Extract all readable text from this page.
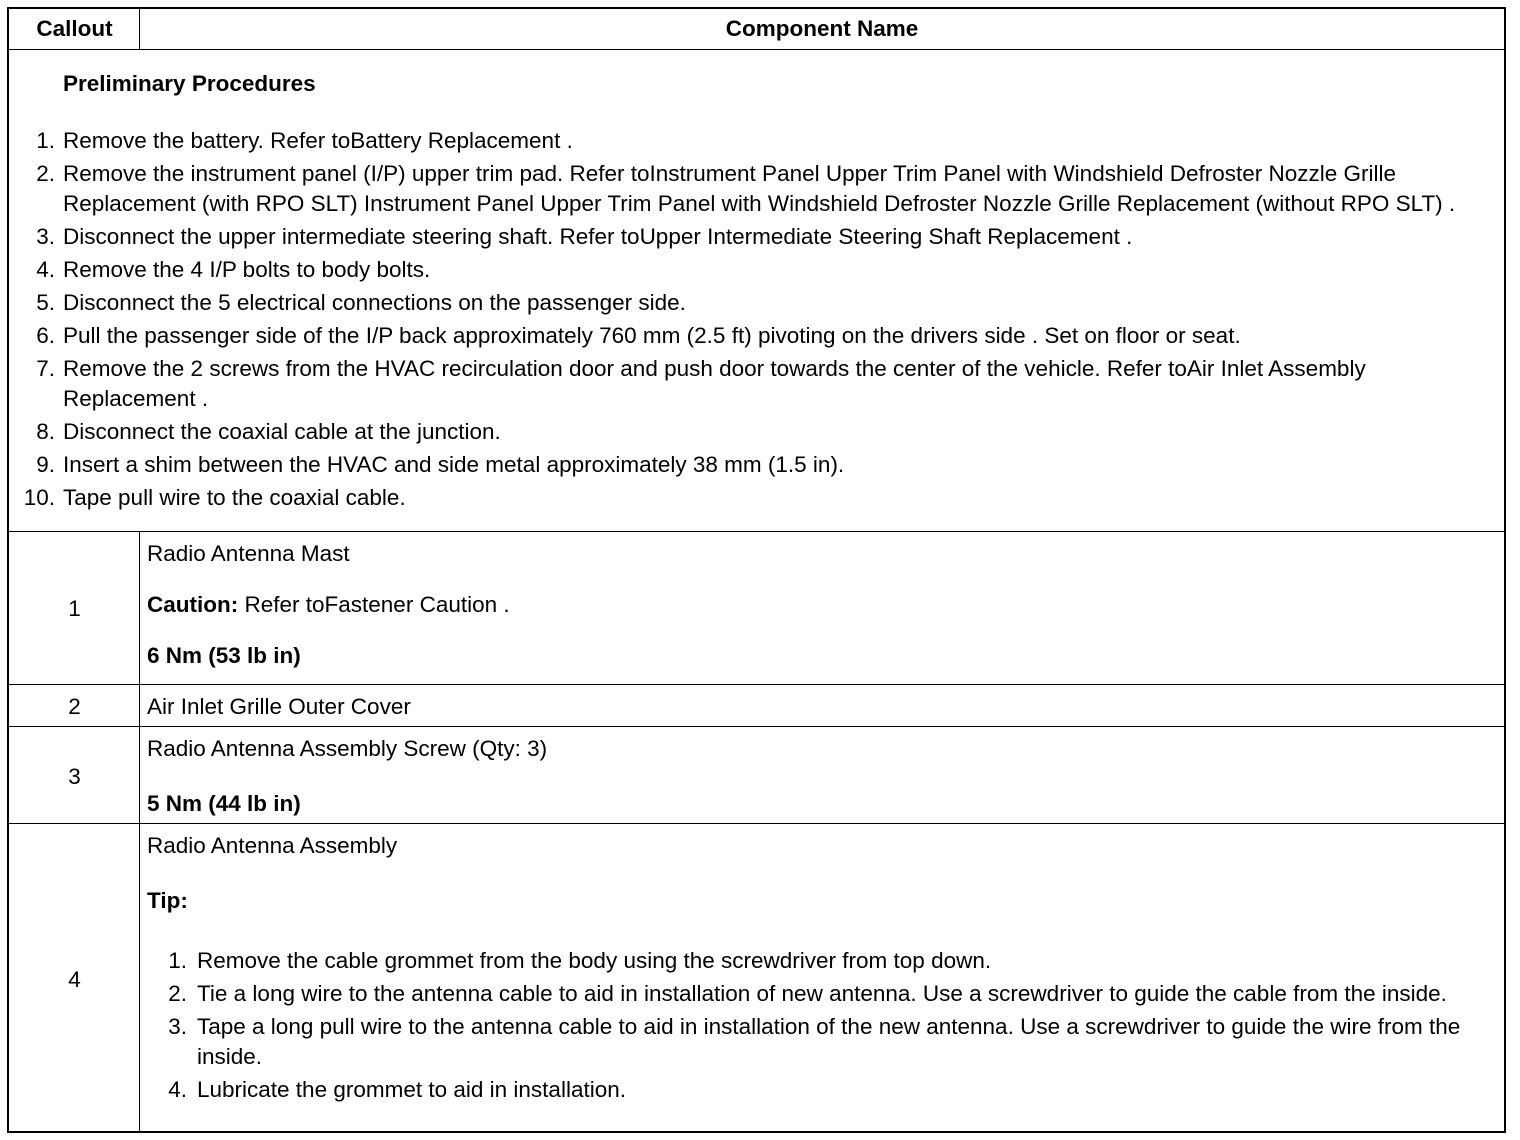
Callout	Component Name
Preliminary Procedures
1. Remove the battery. Refer toBattery Replacement .
2. Remove the instrument panel (I/P) upper trim pad. Refer toInstrument Panel Upper Trim Panel with Windshield Defroster Nozzle Grille Replacement (with RPO SLT) Instrument Panel Upper Trim Panel with Windshield Defroster Nozzle Grille Replacement (without RPO SLT) .
3. Disconnect the upper intermediate steering shaft. Refer toUpper Intermediate Steering Shaft Replacement .
4. Remove the 4 I/P bolts to body bolts.
5. Disconnect the 5 electrical connections on the passenger side.
6. Pull the passenger side of the I/P back approximately 760 mm (2.5 ft) pivoting on the drivers side . Set on floor or seat.
7. Remove the 2 screws from the HVAC recirculation door and push door towards the center of the vehicle. Refer toAir Inlet Assembly Replacement .
8. Disconnect the coaxial cable at the junction.
9. Insert a shim between the HVAC and side metal approximately 38 mm (1.5 in).
10. Tape pull wire to the coaxial cable.
1

Radio Antenna Mast

Caution: Refer toFastener Caution .

6 Nm (53 lb in)

2	Air Inlet Grille Outer Cover

3

Radio Antenna Assembly Screw (Qty: 3)

5 Nm (44 lb in)

4

Radio Antenna Assembly

Tip:

1. Remove the cable grommet from the body using the screwdriver from top down.
2. Tie a long wire to the antenna cable to aid in installation of new antenna. Use a screwdriver to guide the cable from the inside.
3. Tape a long pull wire to the antenna cable to aid in installation of the new antenna. Use a screwdriver to guide the wire from the inside.
4. Lubricate the grommet to aid in installation.
